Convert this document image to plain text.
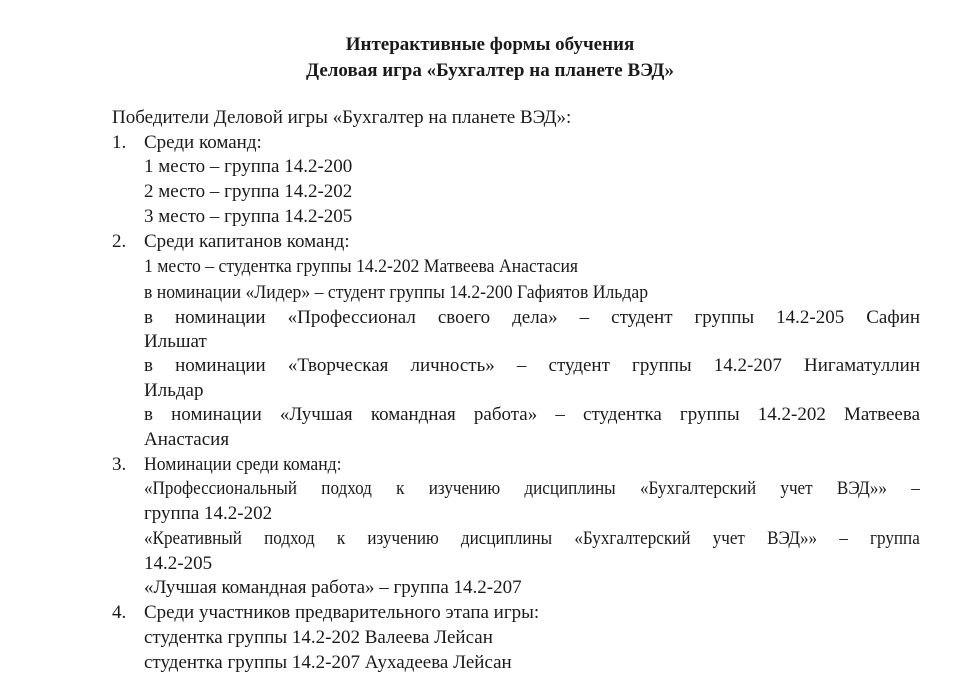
Интерактивные формы обучения
Деловая игра «Бухгалтер на планете ВЭД»
Победители Деловой игры «Бухгалтер на планете ВЭД»:
1. Среди команд:
1 место – группа 14.2-200
2 место – группа 14.2-202
3 место – группа 14.2-205
2. Среди капитанов команд:
1 место – студентка группы 14.2-202 Матвеева Анастасия
в номинации «Лидер» – студент группы 14.2-200 Гафиятов Ильдар
в номинации «Профессионал своего дела» – студент группы 14.2-205 Сафин
Ильшат
в номинации «Творческая личность» – студент группы 14.2-207 Нигаматуллин
Ильдар
в номинации «Лучшая командная работа» – студентка группы 14.2-202 Матвеева
Анастасия
3. Номинации среди команд:
«Профессиональный подход к изучению дисциплины «Бухгалтерский учет ВЭД»» –
группа 14.2-202
«Креативный подход к изучению дисциплины «Бухгалтерский учет ВЭД»» – группа
14.2-205
«Лучшая командная работа» – группа 14.2-207
4. Среди участников предварительного этапа игры:
студентка группы 14.2-202 Валеева Лейсан
студентка группы 14.2-207 Аухадеева Лейсан
